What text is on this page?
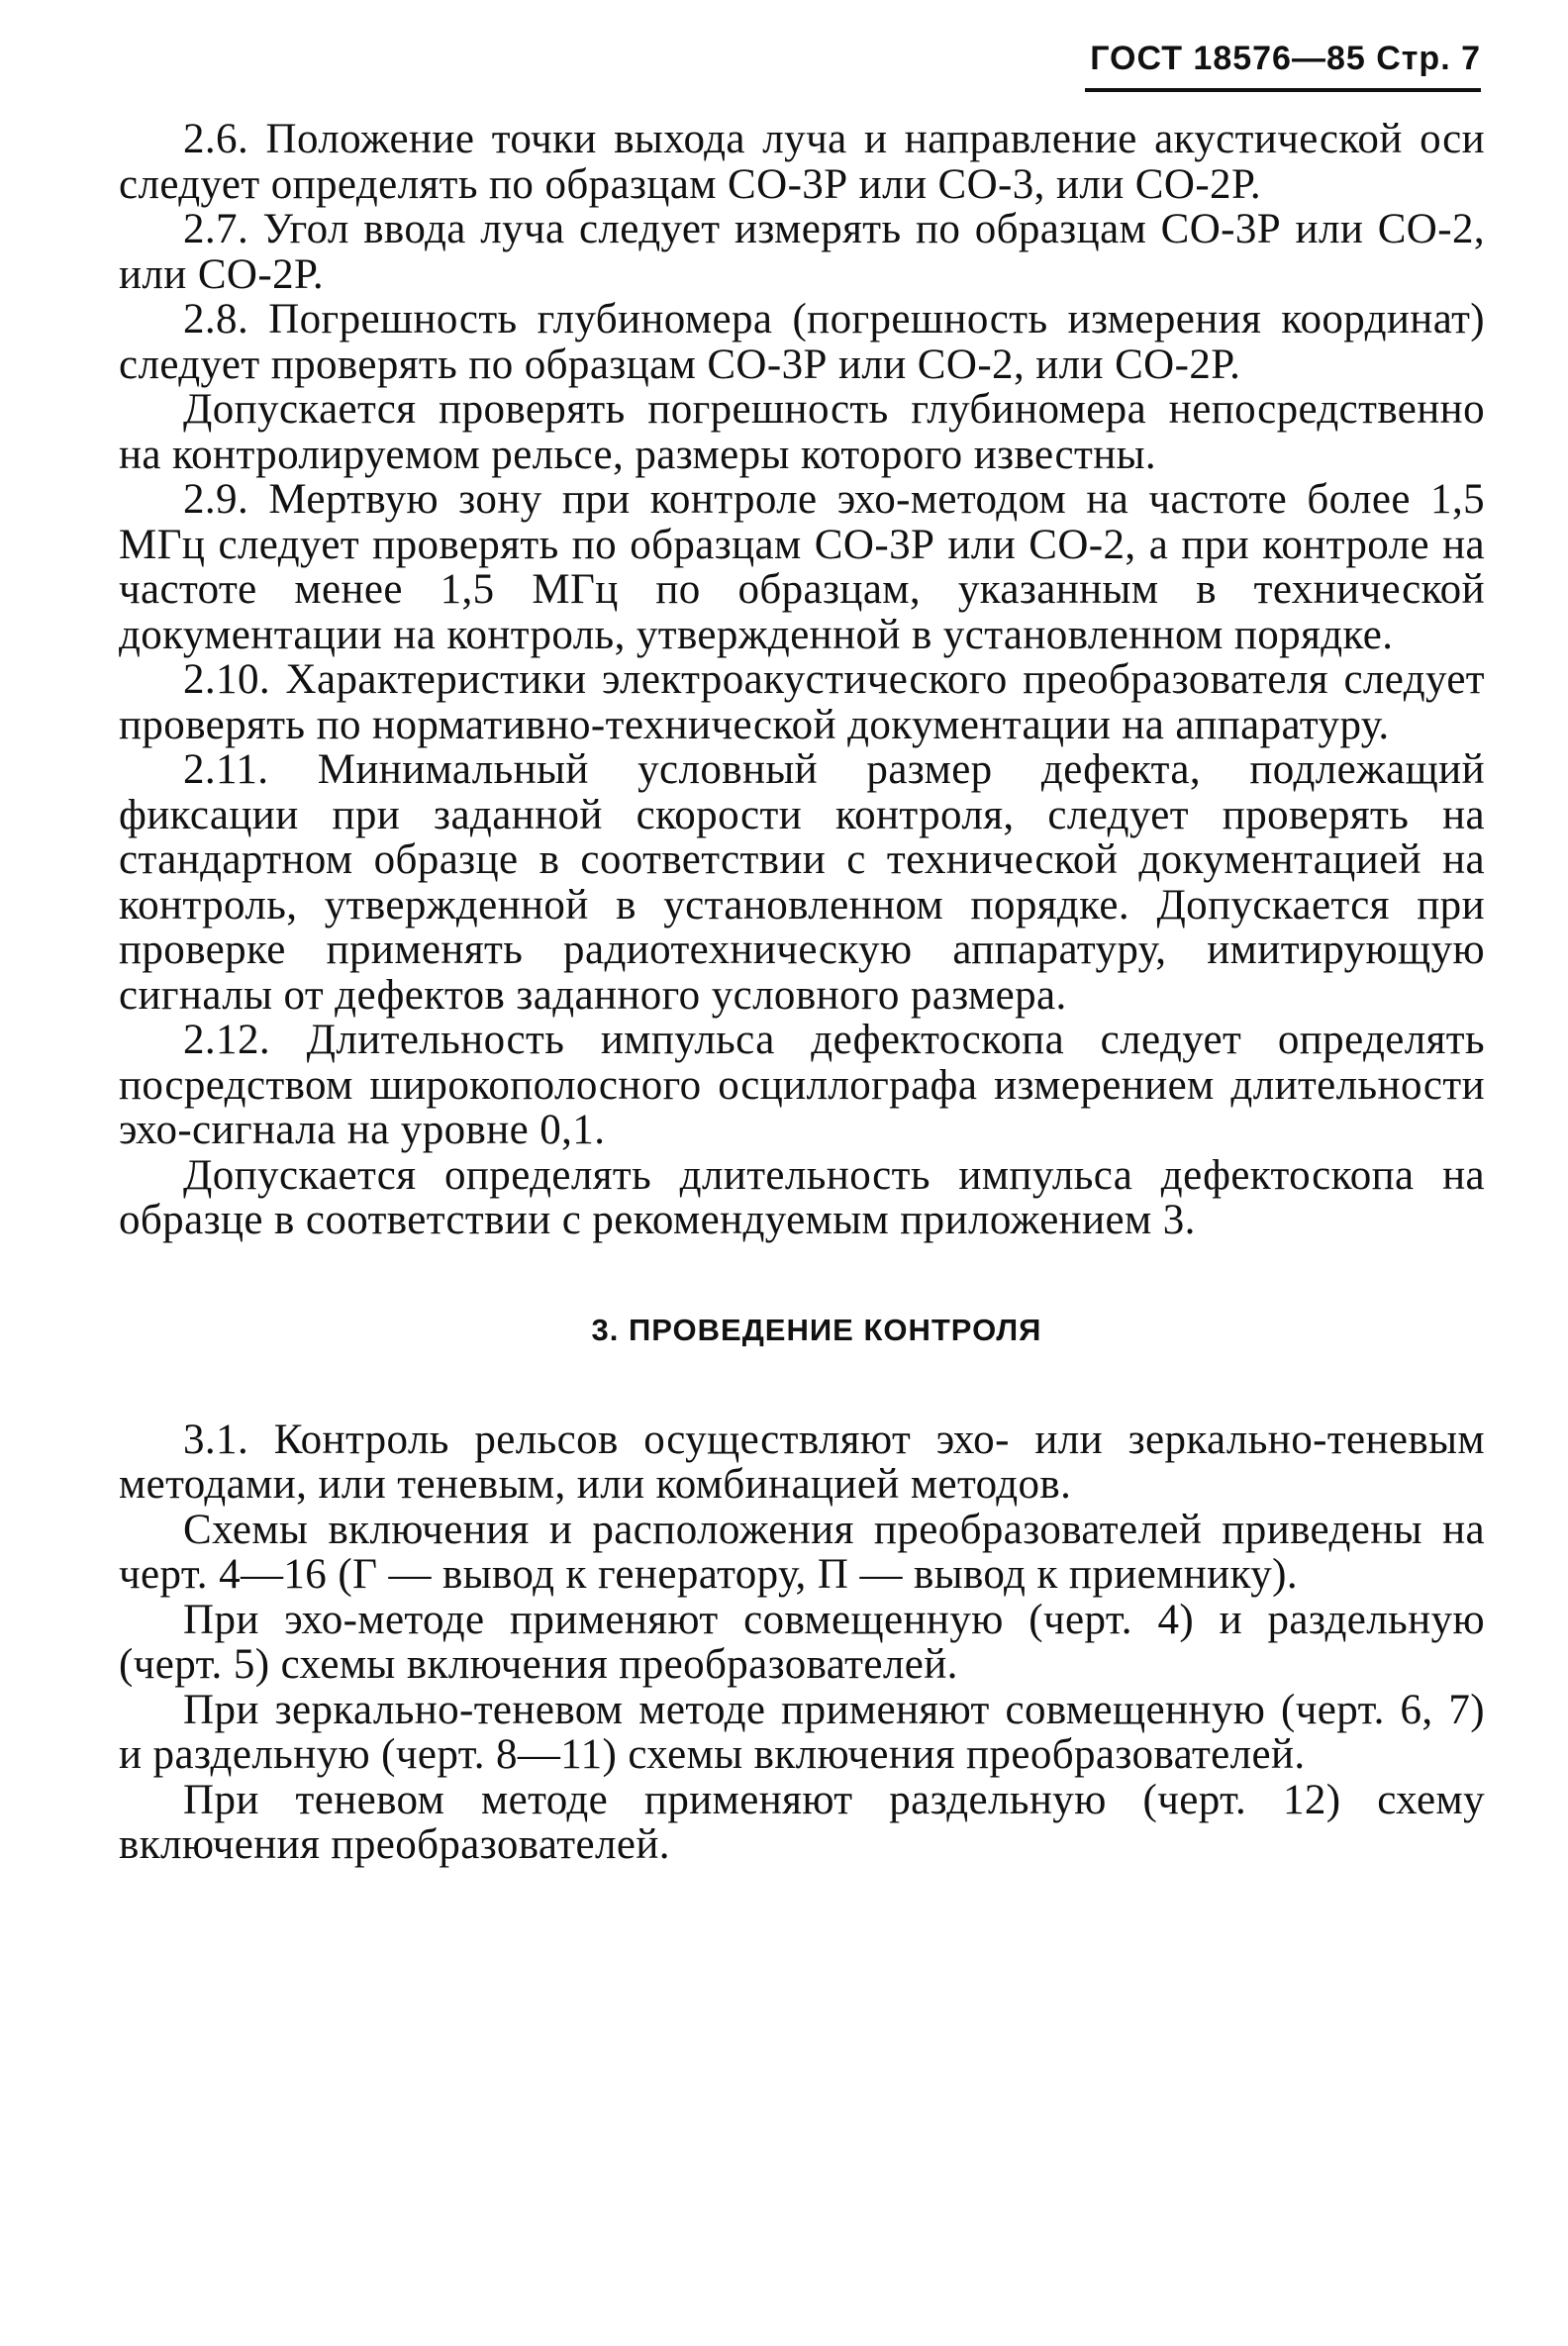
ГОСТ 18576—85 Стр. 7

2.6. Положение точки выхода луча и направление акустической оси следует определять по образцам СО-3Р или СО-3, или СО-2Р.

2.7. Угол ввода луча следует измерять по образцам СО-3Р или СО-2, или СО-2Р.

2.8. Погрешность глубиномера (погрешность измерения координат) следует проверять по образцам СО-3Р или СО-2, или СО-2Р.

Допускается проверять погрешность глубиномера непосредственно на контролируемом рельсе, размеры которого известны.

2.9. Мертвую зону при контроле эхо-методом на частоте более 1,5 МГц следует проверять по образцам СО-3Р или СО-2, а при контроле на частоте менее 1,5 МГц по образцам, указанным в технической документации на контроль, утвержденной в установленном порядке.

2.10. Характеристики электроакустического преобразователя следует проверять по нормативно-технической документации на аппаратуру.

2.11. Минимальный условный размер дефекта, подлежащий фиксации при заданной скорости контроля, следует проверять на стандартном образце в соответствии с технической документацией на контроль, утвержденной в установленном порядке. Допускается при проверке применять радиотехническую аппаратуру, имитирующую сигналы от дефектов заданного условного размера.

2.12. Длительность импульса дефектоскопа следует определять посредством широкополосного осциллографа измерением длительности эхо-сигнала на уровне 0,1.

Допускается определять длительность импульса дефектоскопа на образце в соответствии с рекомендуемым приложением 3.

3. ПРОВЕДЕНИЕ КОНТРОЛЯ

3.1. Контроль рельсов осуществляют эхо- или зеркально-теневым методами, или теневым, или комбинацией методов.

Схемы включения и расположения преобразователей приведены на черт. 4—16 (Г — вывод к генератору, П — вывод к приемнику).

При эхо-методе применяют совмещенную (черт. 4) и раздельную (черт. 5) схемы включения преобразователей.

При зеркально-теневом методе применяют совмещенную (черт. 6, 7) и раздельную (черт. 8—11) схемы включения преобразователей.

При теневом методе применяют раздельную (черт. 12) схему включения преобразователей.
